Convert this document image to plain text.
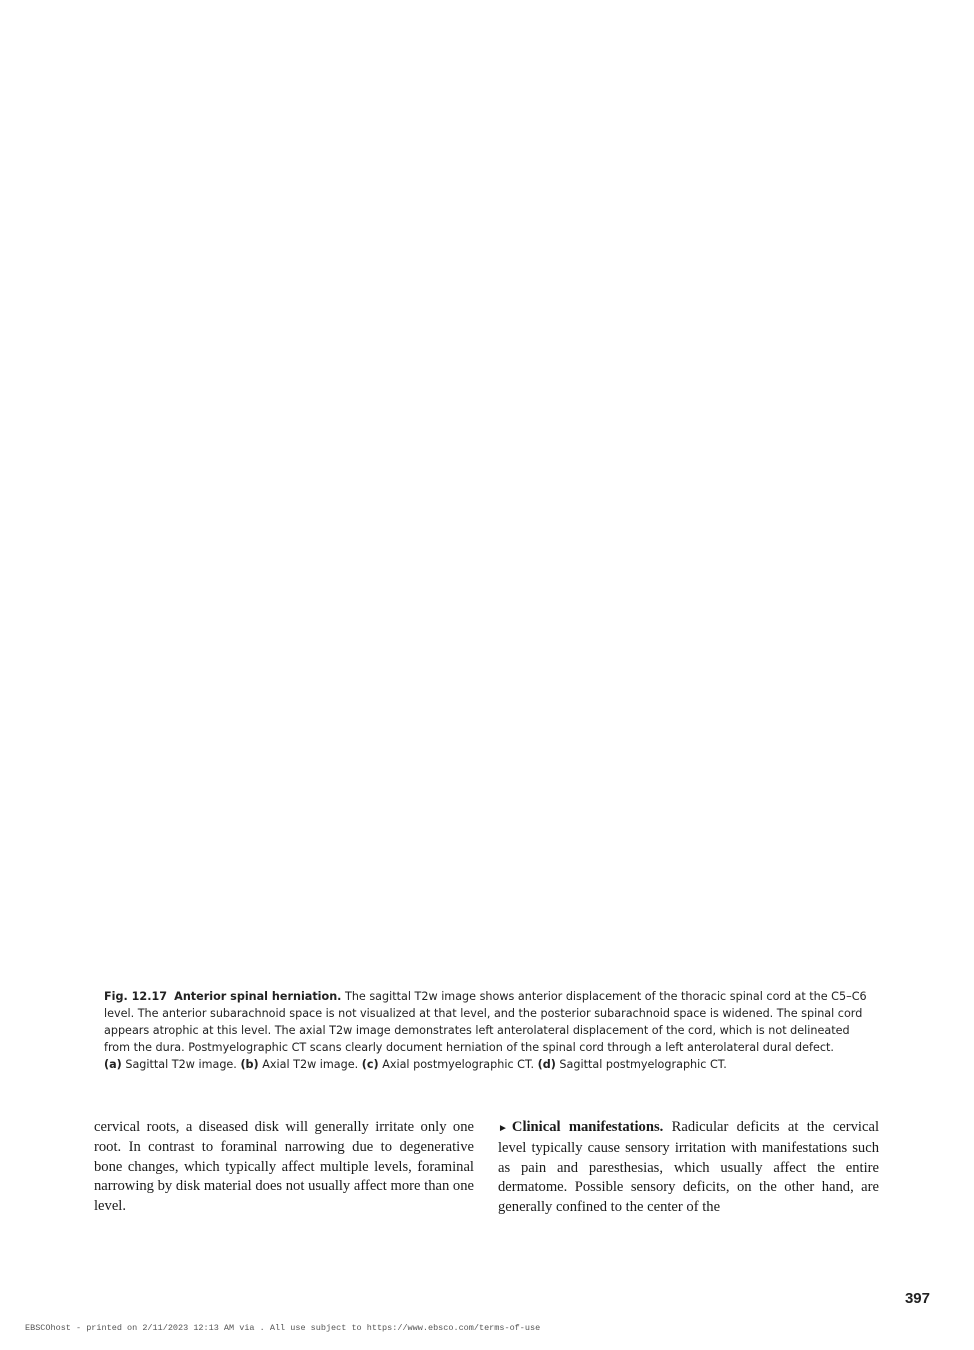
Fig. 12.17 Anterior spinal herniation. The sagittal T2w image shows anterior displacement of the thoracic spinal cord at the C5–C6 level. The anterior subarachnoid space is not visualized at that level, and the posterior subarachnoid space is widened. The spinal cord appears atrophic at this level. The axial T2w image demonstrates left anterolateral displacement of the cord, which is not delineated from the dura. Postmyelographic CT scans clearly document herniation of the spinal cord through a left anterolateral dural defect.
(a) Sagittal T2w image. (b) Axial T2w image. (c) Axial postmyelographic CT. (d) Sagittal postmyelographic CT.
cervical roots, a diseased disk will generally irritate only one root. In contrast to foraminal narrowing due to degenerative bone changes, which typically affect multiple levels, foraminal narrowing by disk material does not usually affect more than one level.
► Clinical manifestations. Radicular deficits at the cervical level typically cause sensory irritation with manifestations such as pain and paresthesias, which usually affect the entire dermatome. Possible sensory deficits, on the other hand, are generally confined to the center of the
397
EBSCOhost - printed on 2/11/2023 12:13 AM via . All use subject to https://www.ebsco.com/terms-of-use
